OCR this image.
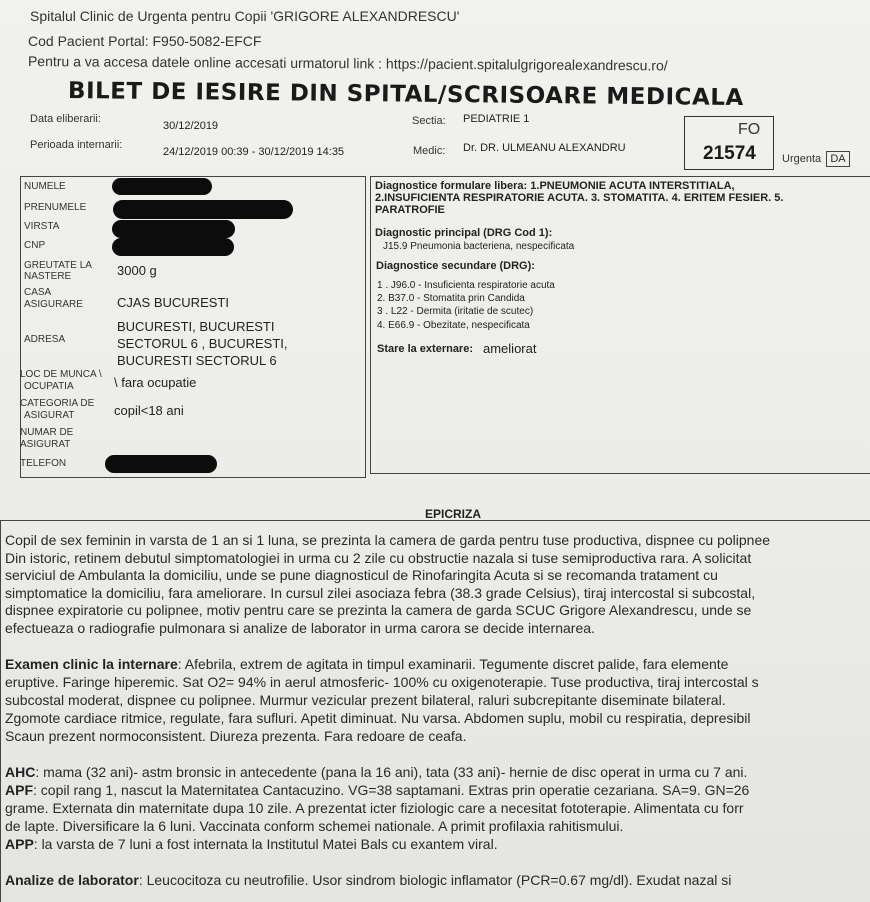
Spitalul Clinic de Urgenta pentru Copii 'GRIGORE ALEXANDRESCU'
Cod Pacient Portal: F950-5082-EFCF
Pentru a va accesa datele online accesati urmatorul link : https://pacient.spitalulgrigorealexandrescu.ro/
BILET DE IESIRE DIN SPITAL/SCRISOARE MEDICALA
Data eliberarii:
30/12/2019
Perioada internarii:
24/12/2019 00:39 - 30/12/2019 14:35
Sectia: PEDIATRIE 1
Medic: Dr. DR. ULMEANU ALEXANDRU
FO
21574 Urgenta DA
NUMELE
PRENUMELE
VIRSTA
CNP
GREUTATE LA
NASTERE	3000 g
CASA
ASIGURARE	CJAS BUCURESTI
ADRESA
BUCURESTI, BUCURESTI
SECTORUL 6 , BUCURESTI,
BUCURESTI SECTORUL 6
LOC DE MUNCA \
OCUPATIA	\ fara ocupatie
CATEGORIA DE
ASIGURAT	copil<18 ani
NUMAR DE
ASIGURAT
TELEFON
Diagnostice formulare libera: 1.PNEUMONIE ACUTA INTERSTITIALA,
2.INSUFICIENTA RESPIRATORIE ACUTA. 3. STOMATITA. 4. ERITEM FESIER. 5.
PARATROFIE
Diagnostic principal (DRG Cod 1):
J15.9 Pneumonia bacteriena, nespecificata
Diagnostice secundare (DRG):
1 . J96.0 - Insuficienta respiratorie acuta
2. B37.0 - Stomatita prin Candida
3 . L22 - Dermita (iritatie de scutec)
4. E66.9 - Obezitate, nespecificata
Stare la externare: ameliorat
EPICRIZA
Copil de sex feminin in varsta de 1 an si 1 luna, se prezinta la camera de garda pentru tuse productiva, dispnee cu polipnee
Din istoric, retinem debutul simptomatologiei in urma cu 2 zile cu obstructie nazala si tuse semiproductiva rara. A solicitat
serviciul de Ambulanta la domiciliu, unde se pune diagnosticul de Rinofaringita Acuta si se recomanda tratament cu
simptomatice la domiciliu, fara ameliorare. In cursul zilei asociaza febra (38.3 grade Celsius), tiraj intercostal si subcostal,
dispnee expiratorie cu polipnee, motiv pentru care se prezinta la camera de garda SCUC Grigore Alexandrescu, unde se
efectueaza o radiografie pulmonara si analize de laborator in urma carora se decide internarea.
Examen clinic la internare: Afebrila, extrem de agitata in timpul examinarii. Tegumente discret palide, fara elemente
eruptive. Faringe hiperemic. Sat O2= 94% in aerul atmosferic- 100% cu oxigenoterapie. Tuse productiva, tiraj intercostal s
subcostal moderat, dispnee cu polipnee. Murmur vezicular prezent bilateral, raluri subcrepitante diseminate bilateral.
Zgomote cardiace ritmice, regulate, fara sufluri. Apetit diminuat. Nu varsa. Abdomen suplu, mobil cu respiratia, depresibil
Scaun prezent normoconsistent. Diureza prezenta. Fara redoare de ceafa.
AHC: mama (32 ani)- astm bronsic in antecedente (pana la 16 ani), tata (33 ani)- hernie de disc operat in urma cu 7 ani.
APF: copil rang 1, nascut la Maternitatea Cantacuzino. VG=38 saptamani. Extras prin operatie cezariana. SA=9. GN=26
grame. Externata din maternitate dupa 10 zile. A prezentat icter fiziologic care a necesitat fototerapie. Alimentata cu forr
de lapte. Diversificare la 6 luni. Vaccinata conform schemei nationale. A primit profilaxia rahitismului.
APP: la varsta de 7 luni a fost internata la Institutul Matei Bals cu exantem viral.
Analize de laborator: Leucocitoza cu neutrofilie. Usor sindrom biologic inflamator (PCR=0.67 mg/dl). Exudat nazal si
